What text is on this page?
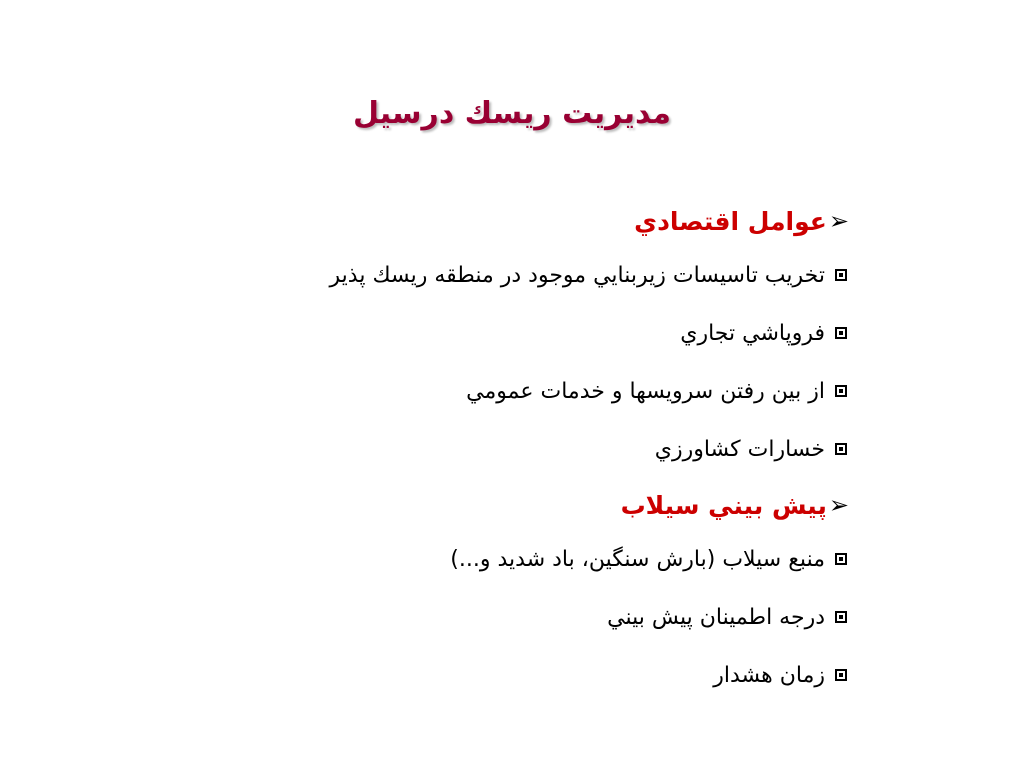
مديريت ريسك درسيل
➢
عوامل اقتصادي
تخريب تاسيسات زيربنايي موجود در منطقه ريسك پذير
فروپاشي تجاري
از بين رفتن سرويسها و خدمات عمومي
خسارات كشاورزي
➢
پيش بيني سيلاب
منبع سيلاب (بارش سنگين، باد شديد و...)
درجه اطمينان پيش بيني
زمان هشدار
